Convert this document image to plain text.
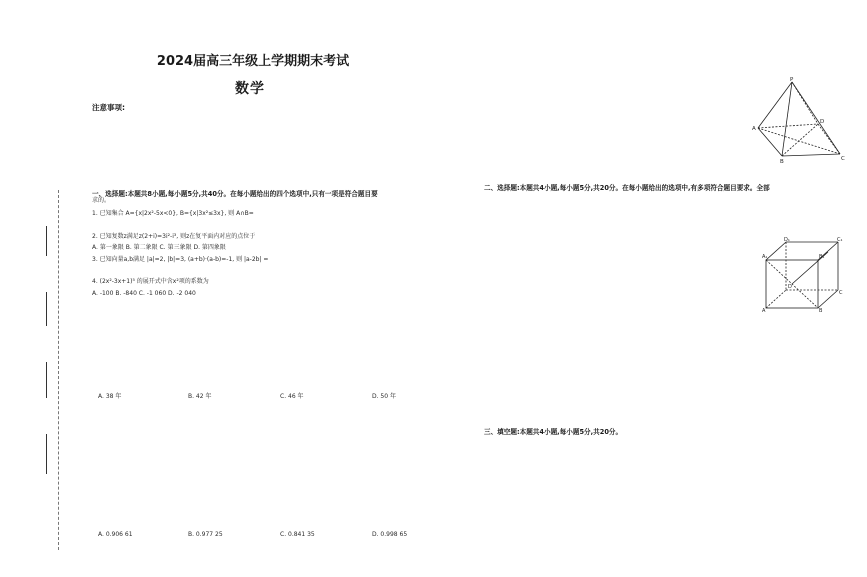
2024届高三年级上学期期末考试
数学
注意事项:
一、选择题:本题共8小题,每小题5分,共40分。在每小题给出的四个选项中,只有一项是符合题目要
求的。
1. 已知集合 A={x|2x²-5x<0}, B={x|3x²≤3x}, 则 A∩B=
2. 已知复数z满足z(2+i)=3i²-i³, 则z在复平面内对应的点位于
A. 第一象限 B. 第二象限 C. 第三象限 D. 第四象限
3. 已知向量a,b满足 |a|=2, |b|=3, (a+b)·(a-b)=-1, 则 |a-2b| =
4. (2x²-3x+1)⁵ 的展开式中含x²项的系数为
A. -100 B. -840 C. -1 060 D. -2 040
A. 0.906 61	B. 0.977 25	C. 0.841 35	D. 0.998 65
A. 38 年	B. 42 年	C. 46 年	D. 50 年
二、选择题:本题共4小题,每小题5分,共20分。在每小题给出的选项中,有多项符合题目要求。全部
三、填空题:本题共4小题,每小题5分,共20分。
P
A
B	C
D
A₁
D₁	C₁
B₁
A	B
C
D
